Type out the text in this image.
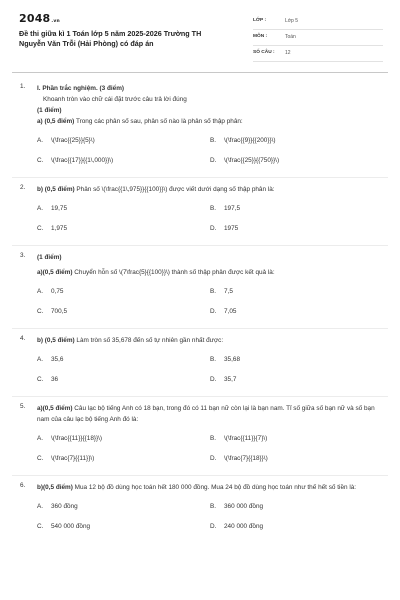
2048.vn
Đề thi giữa kì 1 Toán lớp 5 năm 2025-2026 Trường TH Nguyễn Văn Trỗi (Hải Phòng) có đáp án
LỚP :	Lớp 5
MÔN :	Toán
SỐ CÂU : 12
1. I. Phần trắc nghiệm. (3 điểm)
Khoanh tròn vào chữ cái đặt trước câu trả lời đúng
(1 điểm)
a) (0,5 điểm) Trong các phân số sau, phân số nào là phân số thập phân:
A. \(\frac{{25}}{5}\)	B. \(\frac{{9}}{{200}}\)
C. \(\frac{{17}}{{1\,000}}\)	D. \(\frac{{25}}{{750}}\)
2. b) (0,5 điểm) Phân số \(\frac{{1\,975}}{{100}}\) được viết dưới dạng số thập phân là:
A. 19,75	B. 197,5
C. 1,975	D. 1975
3. (1 điểm)
a)(0,5 điểm) Chuyển hỗn số \(7\frac{5}{{100}}\) thành số thập phân được kết quả là:
A. 0,75	B. 7,5
C. 700,5	D. 7,05
4. b) (0,5 điểm) Làm tròn số 35,678 đến số tự nhiên gần nhất được:
A. 35,6	B. 35,68
C. 36	D. 35,7
5. a)(0,5 điểm) Câu lạc bộ tiếng Anh có 18 bạn, trong đó có 11 bạn nữ còn lại là bạn nam. Tỉ số giữa số bạn nữ và số bạn nam của câu lạc bộ tiếng Anh đó là:
A. \(\frac{{11}}{{18}}\)	B. \(\frac{{11}}{7}\)
C. \(\frac{7}{{11}}\)	D. \(\frac{7}{{18}}\)
6. b)(0,5 điểm) Mua 12 bộ đồ dùng học toán hết 180 000 đồng. Mua 24 bộ đồ dùng học toán như thế hết số tiền là:
A. 360 đồng	B. 360 000 đồng
C. 540 000 đồng	D. 240 000 đồng
